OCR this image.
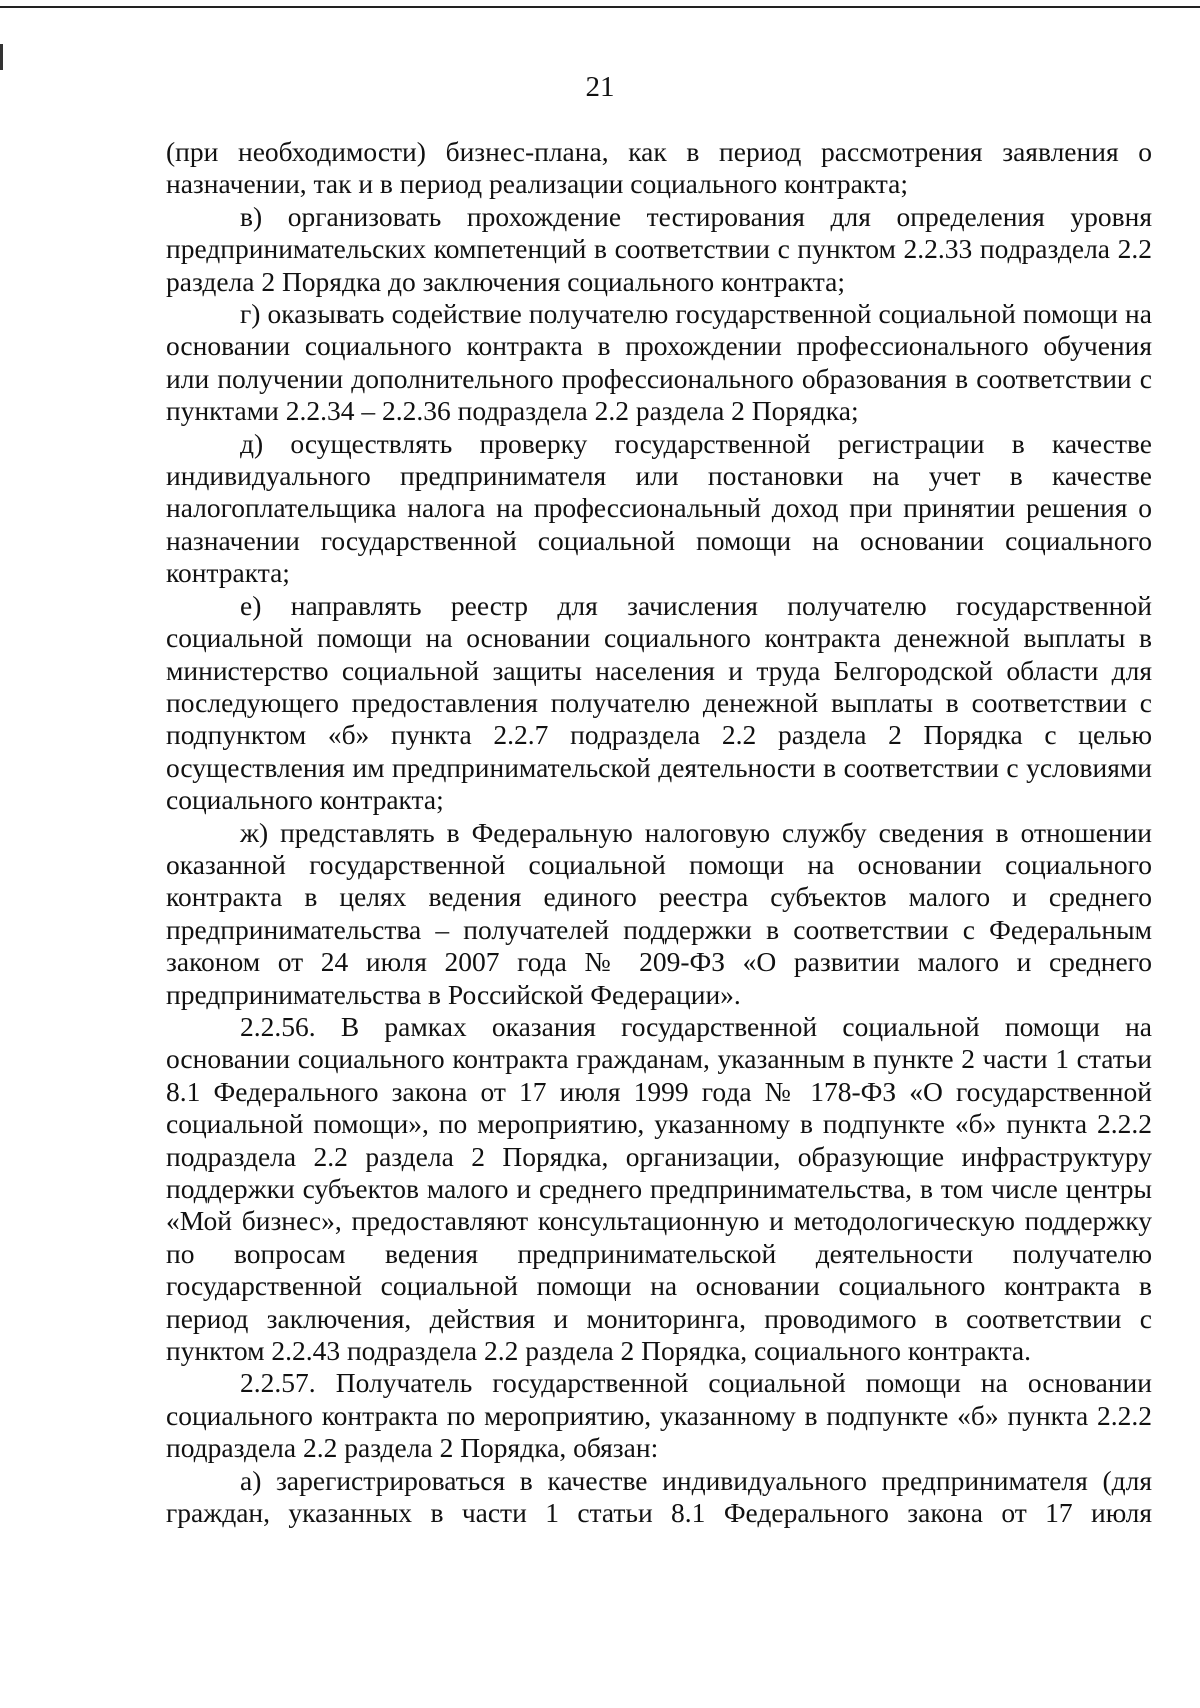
21

(при необходимости) бизнес-плана, как в период рассмотрения заявления о назначении, так и в период реализации социального контракта;

в) организовать прохождение тестирования для определения уровня предпринимательских компетенций в соответствии с пунктом 2.2.33 подраздела 2.2 раздела 2 Порядка до заключения социального контракта;

г) оказывать содействие получателю государственной социальной помощи на основании социального контракта в прохождении профессионального обучения или получении дополнительного профессионального образования в соответствии с пунктами 2.2.34 – 2.2.36 подраздела 2.2 раздела 2 Порядка;

д) осуществлять проверку государственной регистрации в качестве индивидуального предпринимателя или постановки на учет в качестве налогоплательщика налога на профессиональный доход при принятии решения о назначении государственной социальной помощи на основании социального контракта;

е) направлять реестр для зачисления получателю государственной социальной помощи на основании социального контракта денежной выплаты в министерство социальной защиты населения и труда Белгородской области для последующего предоставления получателю денежной выплаты в соответствии с подпунктом «б» пункта 2.2.7 подраздела 2.2 раздела 2 Порядка с целью осуществления им предпринимательской деятельности в соответствии с условиями социального контракта;

ж) представлять в Федеральную налоговую службу сведения в отношении оказанной государственной социальной помощи на основании социального контракта в целях ведения единого реестра субъектов малого и среднего предпринимательства – получателей поддержки в соответствии с Федеральным законом от 24 июля 2007 года № 209-ФЗ «О развитии малого и среднего предпринимательства в Российской Федерации».

2.2.56. В рамках оказания государственной социальной помощи на основании социального контракта гражданам, указанным в пункте 2 части 1 статьи 8.1 Федерального закона от 17 июля 1999 года № 178-ФЗ «О государственной социальной помощи», по мероприятию, указанному в подпункте «б» пункта 2.2.2 подраздела 2.2 раздела 2 Порядка, организации, образующие инфраструктуру поддержки субъектов малого и среднего предпринимательства, в том числе центры «Мой бизнес», предоставляют консультационную и методологическую поддержку по вопросам ведения предпринимательской деятельности получателю государственной социальной помощи на основании социального контракта в период заключения, действия и мониторинга, проводимого в соответствии с пунктом 2.2.43 подраздела 2.2 раздела 2 Порядка, социального контракта.

2.2.57. Получатель государственной социальной помощи на основании социального контракта по мероприятию, указанному в подпункте «б» пункта 2.2.2 подраздела 2.2 раздела 2 Порядка, обязан:

а) зарегистрироваться в качестве индивидуального предпринимателя (для граждан, указанных в части 1 статьи 8.1 Федерального закона от 17 июля
